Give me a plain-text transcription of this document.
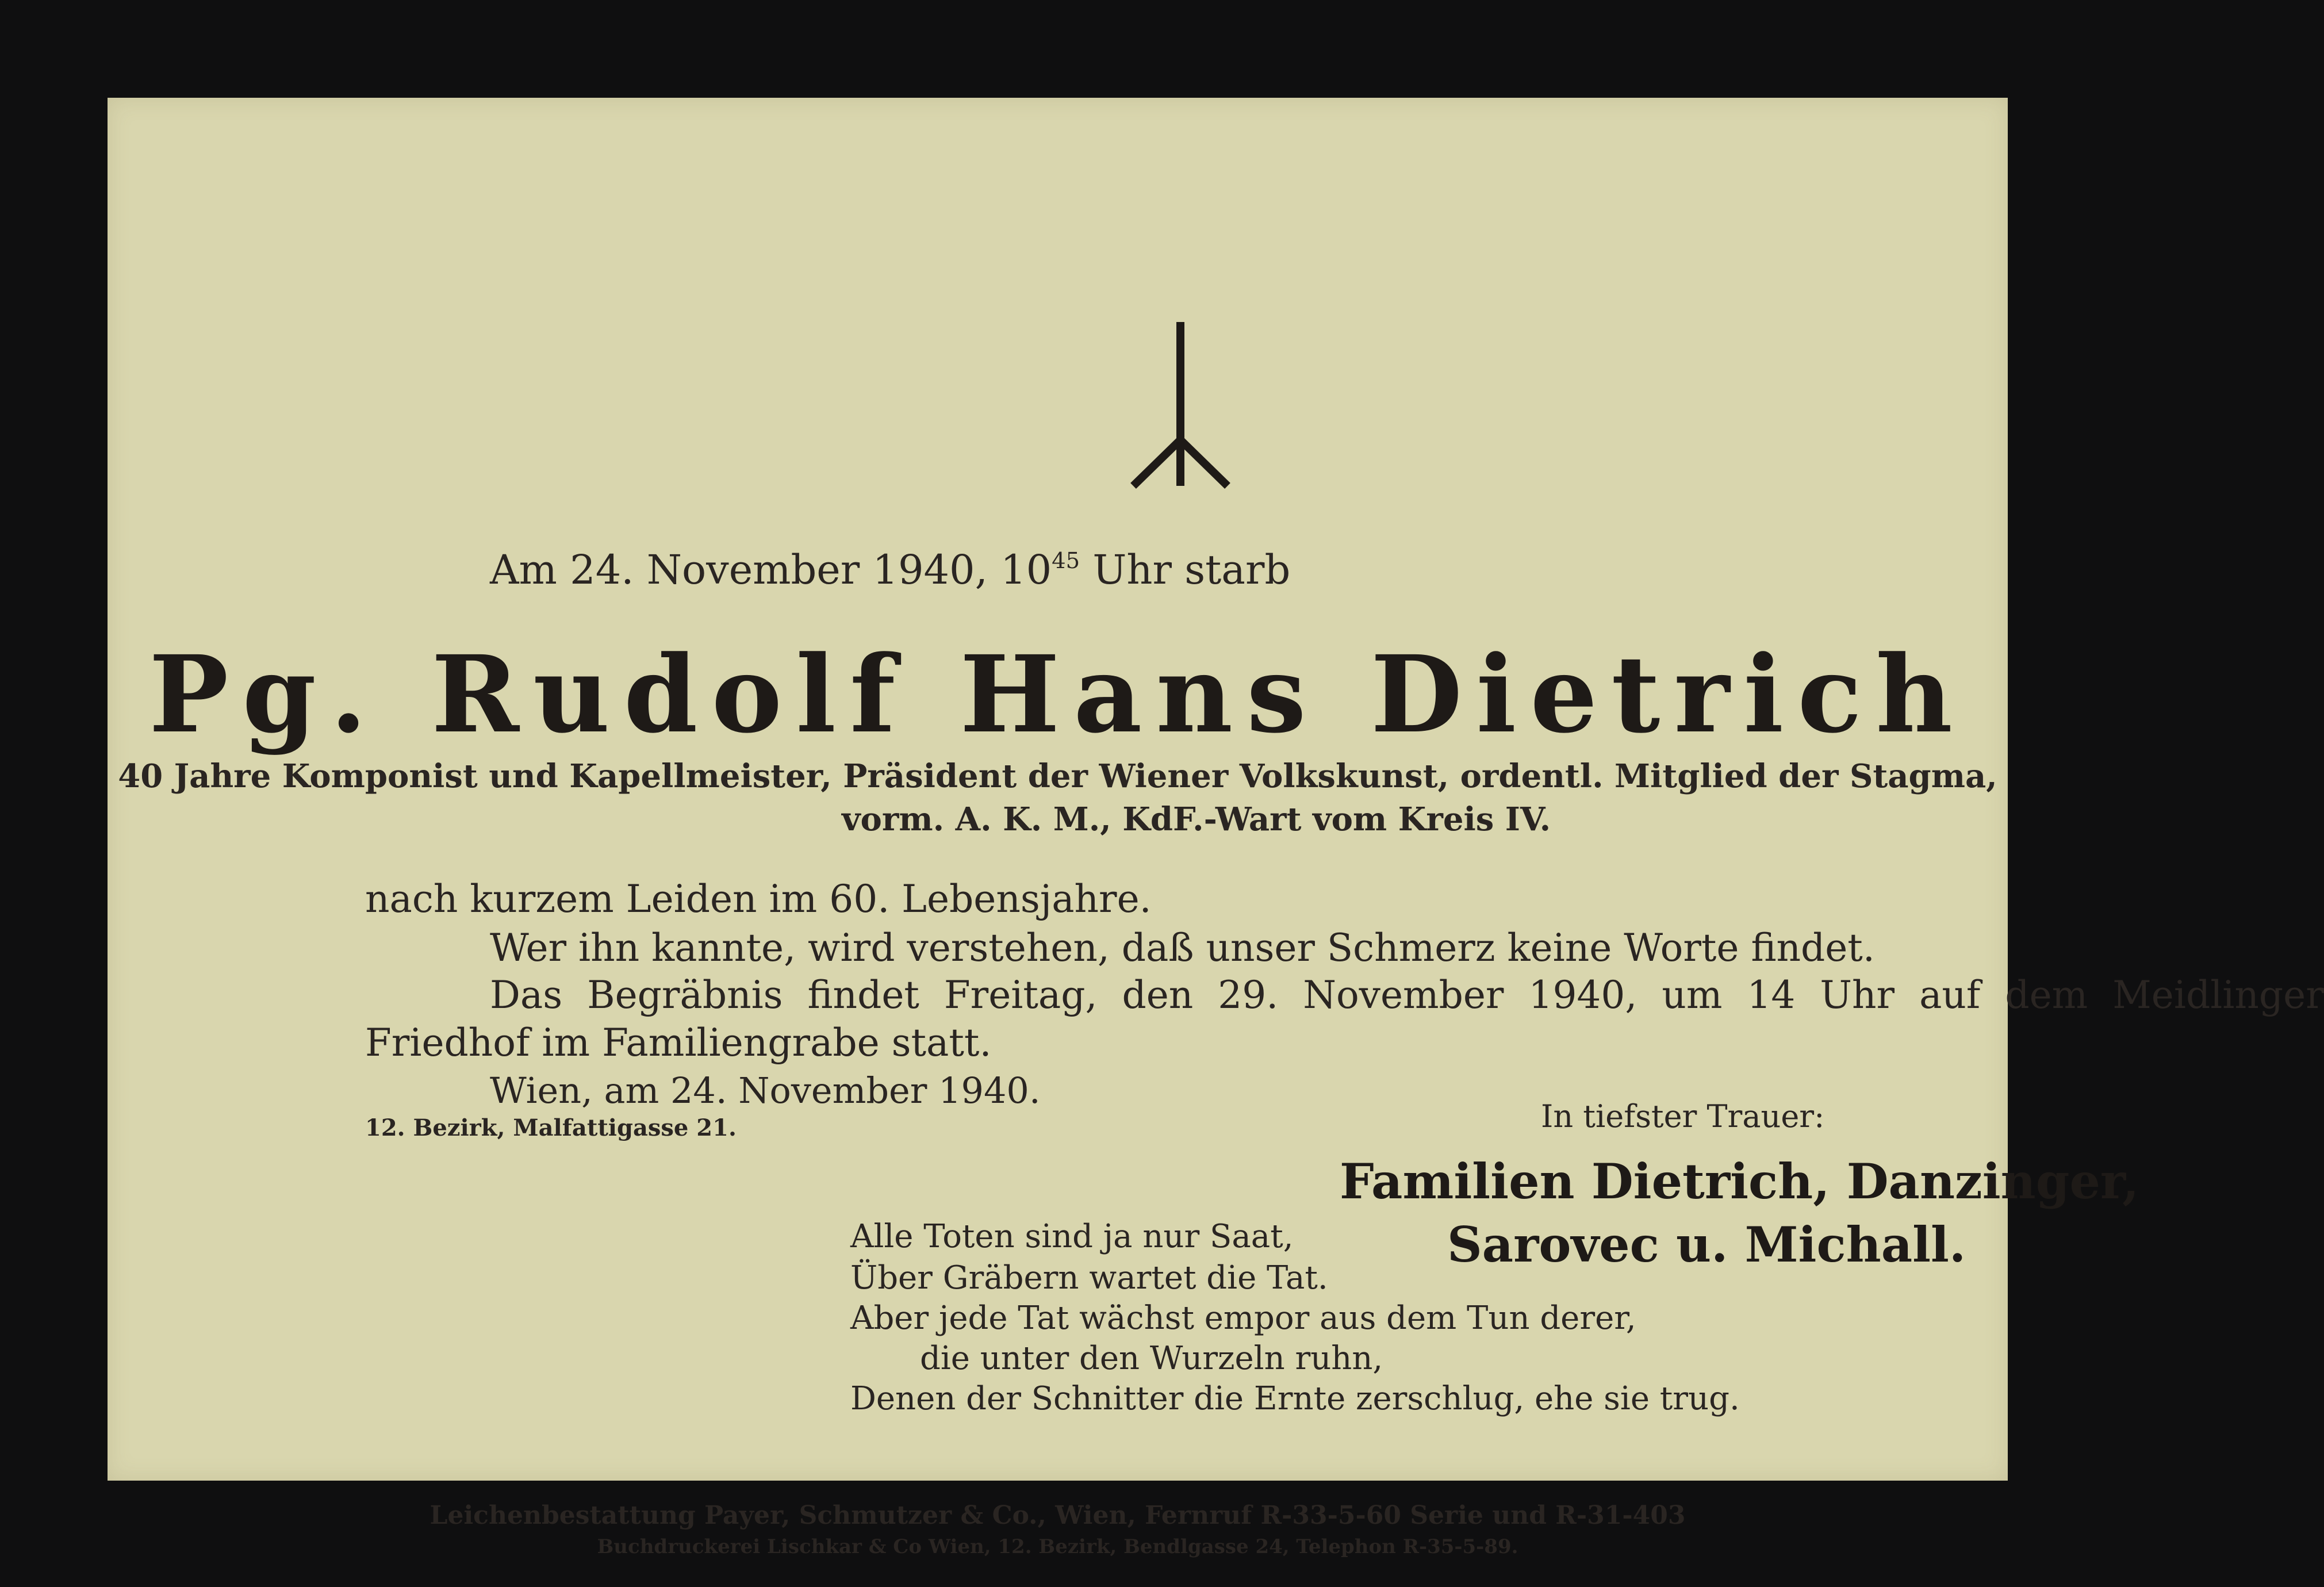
Am 24. November 1940, $10^{45}$ Uhr starb
Pg. Rudolf Hans Dietrich
40 Jahre Komponist und Kapellmeister, Präsident der Wiener Volkskunst, ordentl. Mitglied der Stagma,
vorm. A. K. M., KdF.-Wart vom Kreis IV.
nach kurzem Leiden im 60. Lebensjahre.
Wer ihn kannte, wird verstehen, daß unser Schmerz keine Worte findet.
Das Begräbnis findet Freitag, den 29. November 1940, um 14 Uhr auf dem Meidlinger
Friedhof im Familiengrabe statt.
Wien, am 24. November 1940.
12. Bezirk, Malfattigasse 21.	In tiefster Trauer:
Familien Dietrich, Danzinger,
Sarovec u. Michall.
Alle Toten sind ja nur Saat,
Über Gräbern wartet die Tat.
Aber jede Tat wächst empor aus dem Tun derer,
die unter den Wurzeln ruhn,
Denen der Schnitter die Ernte zerschlug, ehe sie trug.
Leichenbestattung Payer, Schmutzer & Co., Wien, Fernruf R-33-5-60 Serie und R-31-403
Buchdruckerei Lischkar & Co Wien, 12. Bezirk, Bendlgasse 24, Telephon R-35-5-89.
